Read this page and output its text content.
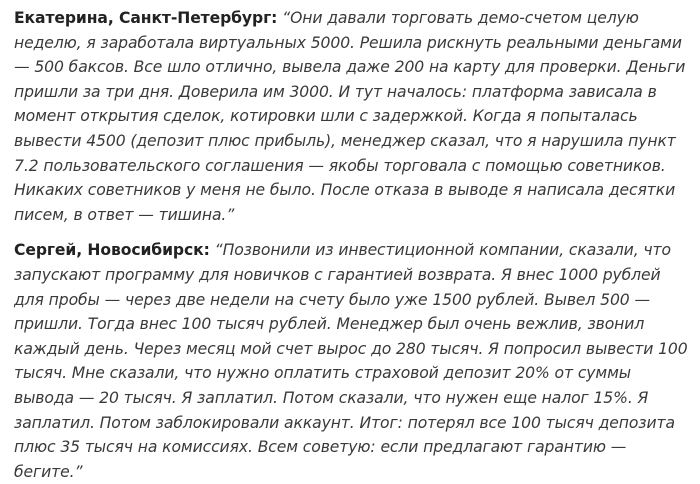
Екатерина, Санкт-Петербург: “Они давали торговать демо-счетом целую неделю, я заработала виртуальных 5000. Решила рискнуть реальными деньгами — 500 баксов. Все шло отлично, вывела даже 200 на карту для проверки. Деньги пришли за три дня. Доверила им 3000. И тут началось: платформа зависала в момент открытия сделок, котировки шли с задержкой. Когда я попыталась вывести 4500 (депозит плюс прибыль), менеджер сказал, что я нарушила пункт 7.2 пользовательского соглашения — якобы торговала с помощью советников. Никаких советников у меня не было. После отказа в выводе я написала десятки писем, в ответ — тишина.”

Сергей, Новосибирск: “Позвонили из инвестиционной компании, сказали, что запускают программу для новичков с гарантией возврата. Я внес 1000 рублей для пробы — через две недели на счету было уже 1500 рублей. Вывел 500 — пришли. Тогда внес 100 тысяч рублей. Менеджер был очень вежлив, звонил каждый день. Через месяц мой счет вырос до 280 тысяч. Я попросил вывести 100 тысяч. Мне сказали, что нужно оплатить страховой депозит 20% от суммы вывода — 20 тысяч. Я заплатил. Потом сказали, что нужен еще налог 15%. Я заплатил. Потом заблокировали аккаунт. Итог: потерял все 100 тысяч депозита плюс 35 тысяч на комиссиях. Всем советую: если предлагают гарантию — бегите.”
